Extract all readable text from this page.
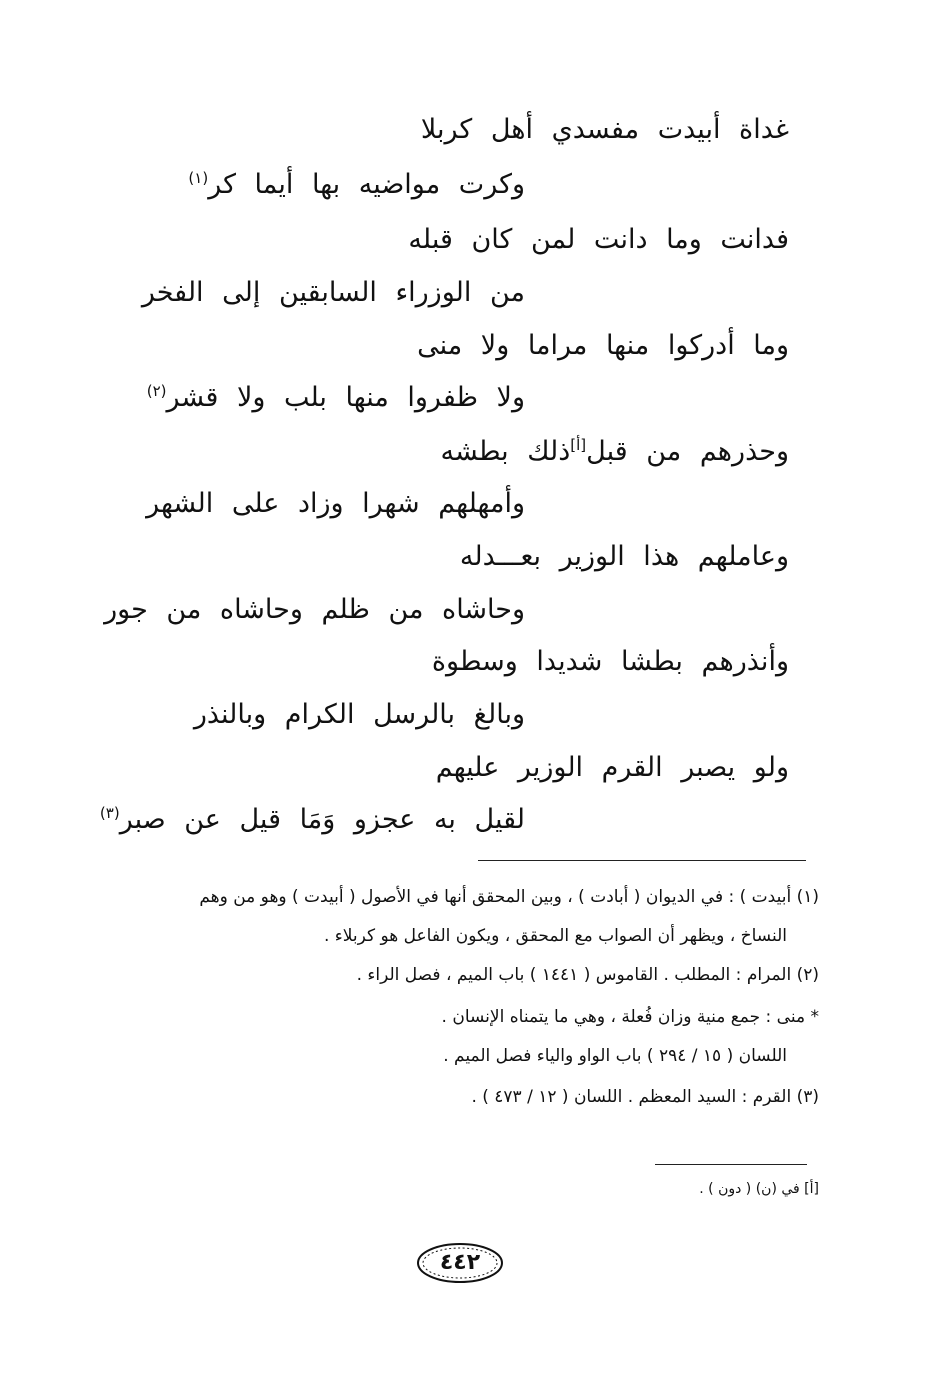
غداة أبيدت مفسدي أهل كربلا
وكرت مواضيه بها أيما كر$^{(١)}$
فدانت وما دانت لمن كان قبله
من الوزراء السابقين إلى الفخر
وما أدركوا منها مراما ولا منى
ولا ظفروا منها بلب ولا قشر$^{(٢)}$
وحذرهم من قبل[أ]ذلك بطشه
وأمهلهم شهرا وزاد على الشهر
وعاملهم هذا الوزير بعـــدله
وحاشاه من ظلم وحاشاه من جور
وأنذرهم بطشا شديدا وسطوة
وبالغ بالرسل الكرام وبالنذر
ولو يصبر القرم الوزير عليهم
لقيل به عجزو وَمَا قيل عن صبر$^{(٣)}$
(١) أبيدت ) : في الديوان ( أبادت ) ، وبين المحقق أنها في الأصول ( أبيدت ) وهو من وهم
النساخ ، ويظهر أن الصواب مع المحقق ، ويكون الفاعل هو كربلاء .
(٢) المرام : المطلب . القاموس ( ١٤٤١ ) باب الميم ، فصل الراء .
* منى : جمع منية وزان فُعلة ، وهي ما يتمناه الإنسان .
اللسان ( ١٥ / ٢٩٤ ) باب الواو والياء فصل الميم .
(٣) القرم : السيد المعظم . اللسان ( ١٢ / ٤٧٣ ) .
[أ] في (ن) ( دون ) .
٤٤٢
